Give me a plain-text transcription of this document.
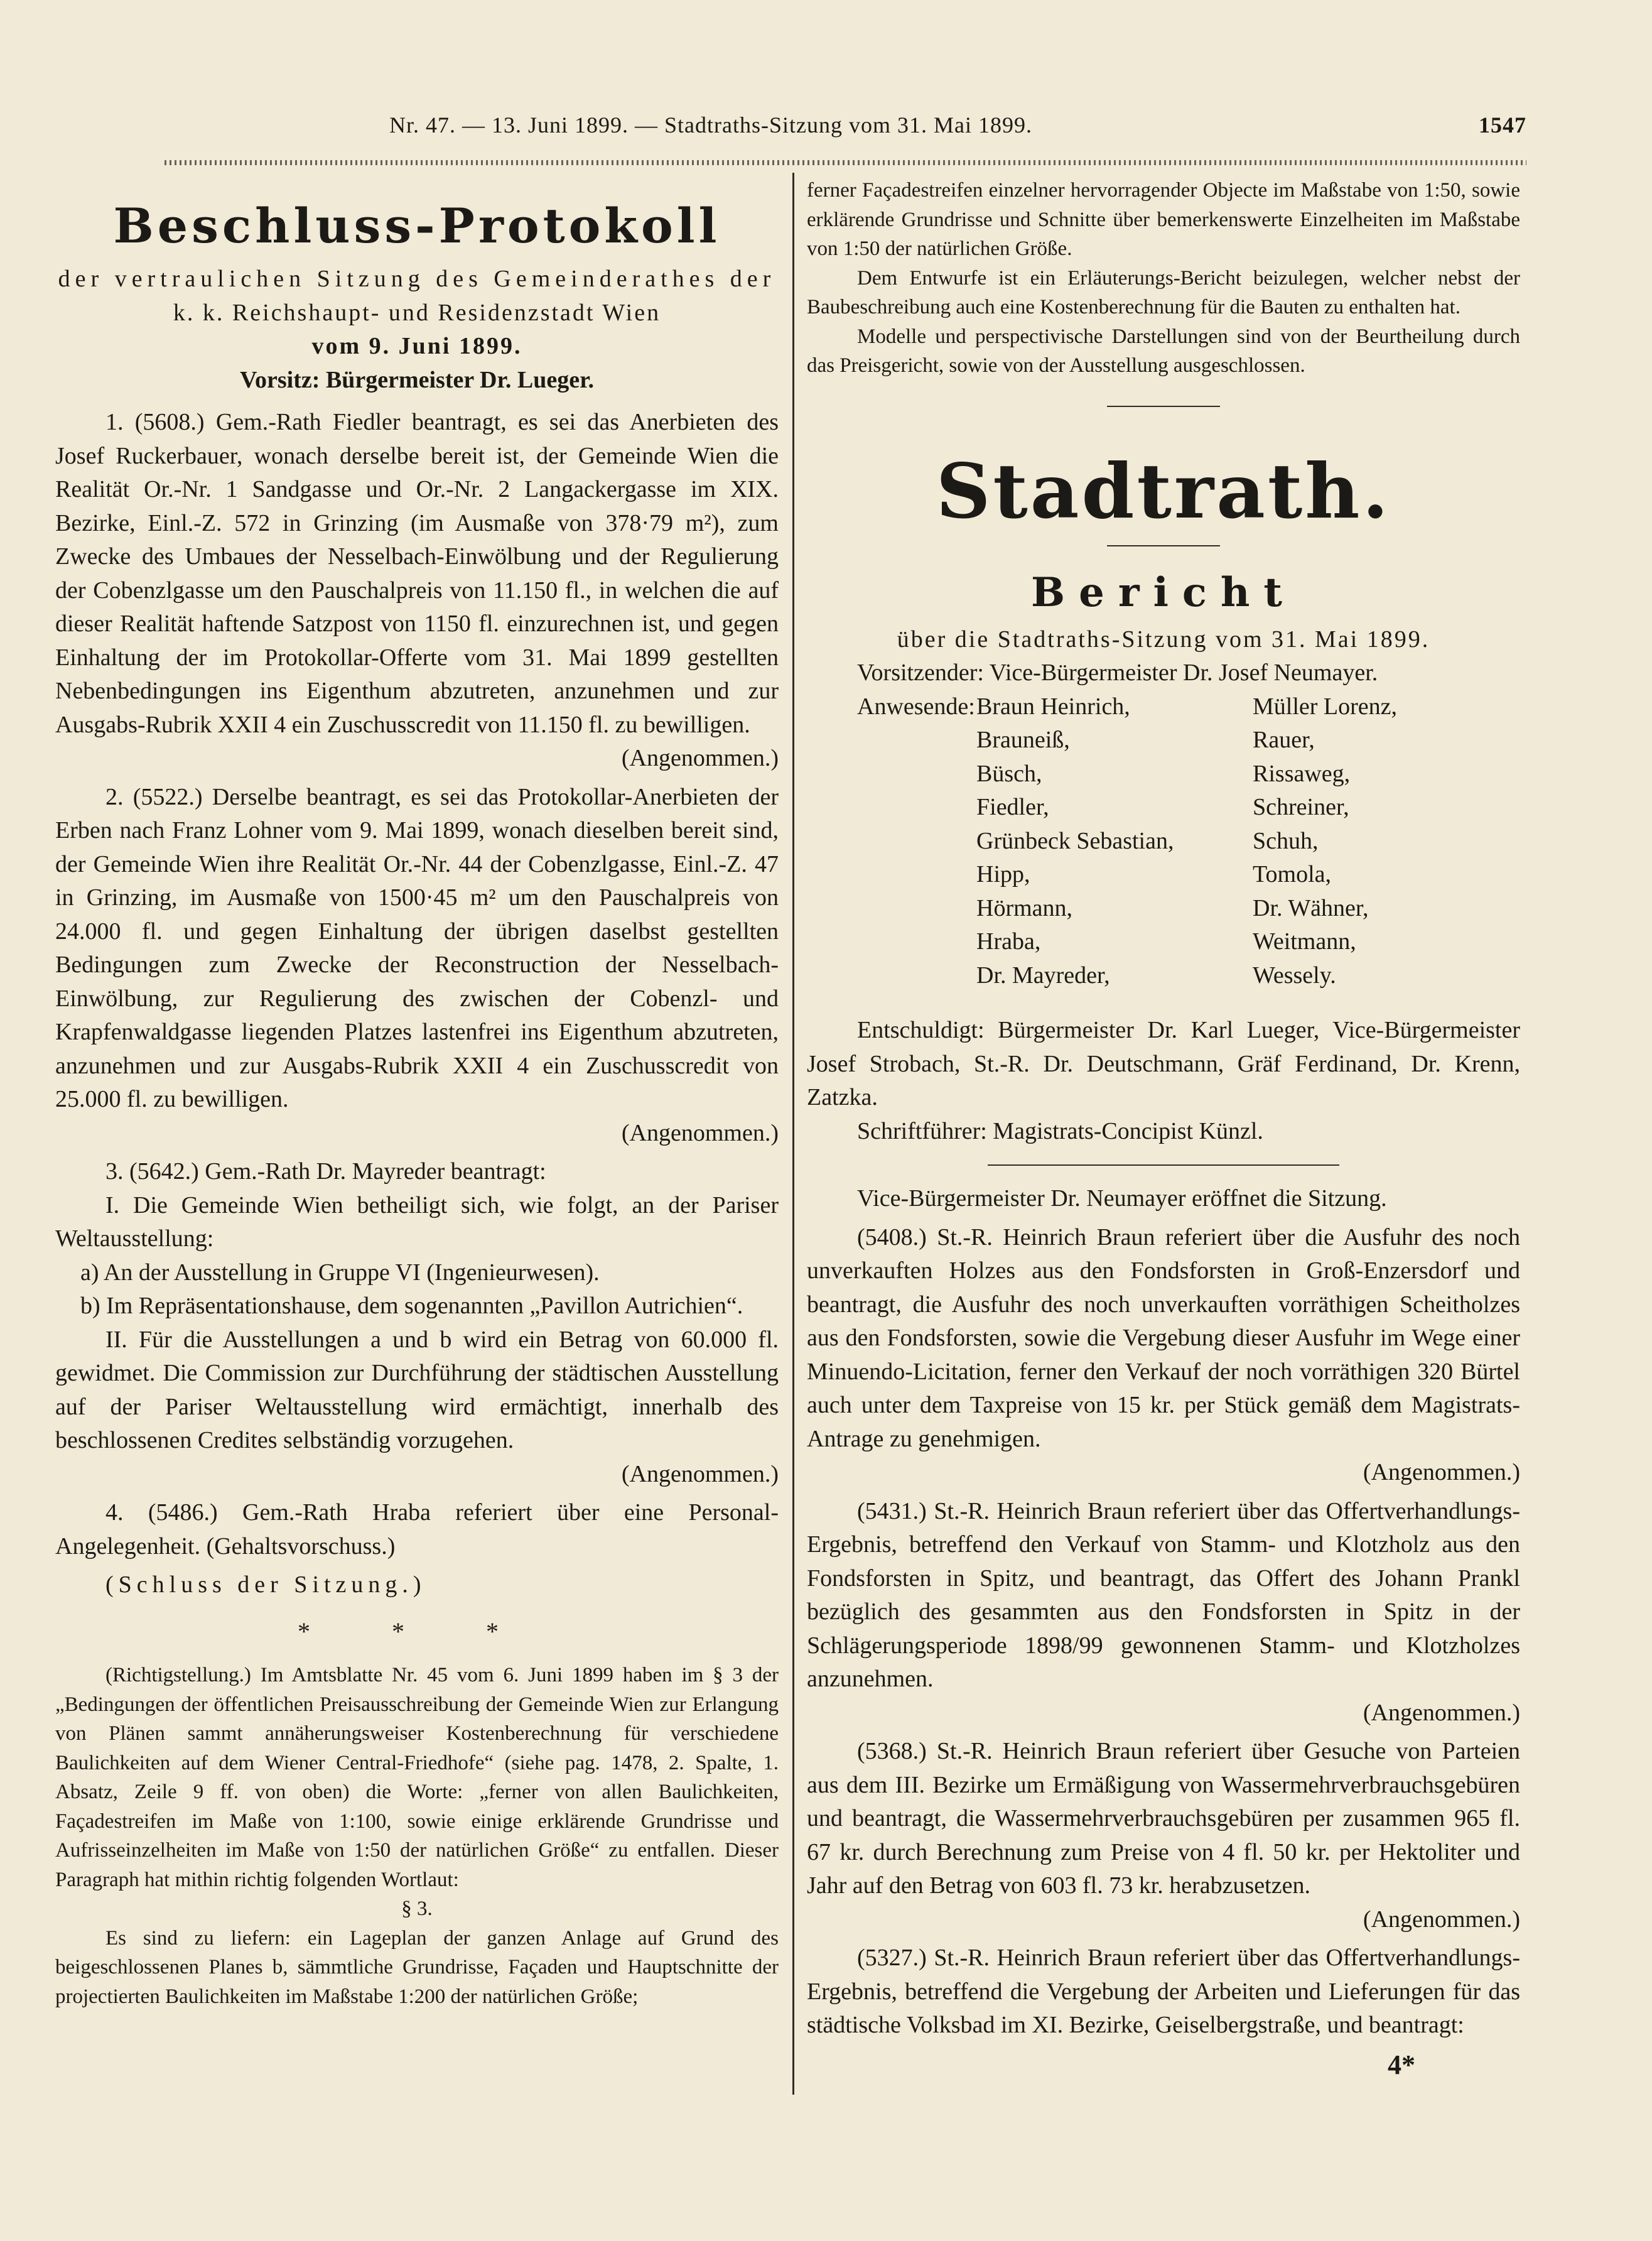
Nr. 47. — 13. Juni 1899. — Stadtraths-Sitzung vom 31. Mai 1899.	1547

Beschluss-Protokoll

der vertraulichen Sitzung des Gemeinderathes der

k. k. Reichshaupt- und Residenzstadt Wien

vom 9. Juni 1899.

Vorsitz: Bürgermeister Dr. Lueger.

1. (5608.) Gem.-Rath Fiedler beantragt, es sei das Anerbieten des Josef Ruckerbauer, wonach derselbe bereit ist, der Gemeinde Wien die Realität Or.-Nr. 1 Sandgasse und Or.-Nr. 2 Langackergasse im XIX. Bezirke, Einl.-Z. 572 in Grinzing (im Ausmaße von 378·79 m²), zum Zwecke des Umbaues der Nesselbach-Einwölbung und der Regulierung der Cobenzlgasse um den Pauschalpreis von 11.150 fl., in welchen die auf dieser Realität haftende Satzpost von 1150 fl. einzurechnen ist, und gegen Einhaltung der im Protokollar-Offerte vom 31. Mai 1899 gestellten Nebenbedingungen ins Eigenthum abzutreten, anzunehmen und zur Ausgabs-Rubrik XXII 4 ein Zuschusscredit von 11.150 fl. zu bewilligen.

(Angenommen.)

2. (5522.) Derselbe beantragt, es sei das Protokollar-Anerbieten der Erben nach Franz Lohner vom 9. Mai 1899, wonach dieselben bereit sind, der Gemeinde Wien ihre Realität Or.-Nr. 44 der Cobenzlgasse, Einl.-Z. 47 in Grinzing, im Ausmaße von 1500·45 m² um den Pauschalpreis von 24.000 fl. und gegen Einhaltung der übrigen daselbst gestellten Bedingungen zum Zwecke der Reconstruction der Nesselbach-Einwölbung, zur Regulierung des zwischen der Cobenzl- und Krapfenwaldgasse liegenden Platzes lastenfrei ins Eigenthum abzutreten, anzunehmen und zur Ausgabs-Rubrik XXII 4 ein Zuschusscredit von 25.000 fl. zu bewilligen.

(Angenommen.)

3. (5642.) Gem.-Rath Dr. Mayreder beantragt:

I. Die Gemeinde Wien betheiligt sich, wie folgt, an der Pariser Weltausstellung:

a) An der Ausstellung in Gruppe VI (Ingenieurwesen).

b) Im Repräsentationshause, dem sogenannten „Pavillon Autrichien“.

II. Für die Ausstellungen a und b wird ein Betrag von 60.000 fl. gewidmet. Die Commission zur Durchführung der städtischen Ausstellung auf der Pariser Weltausstellung wird ermächtigt, innerhalb des beschlossenen Credites selbständig vorzugehen.

(Angenommen.)

4. (5486.) Gem.-Rath Hraba referiert über eine Personal-Angelegenheit. (Gehaltsvorschuss.)

(Schluss der Sitzung.)

* * *

(Richtigstellung.) Im Amtsblatte Nr. 45 vom 6. Juni 1899 haben im § 3 der „Bedingungen der öffentlichen Preisausschreibung der Gemeinde Wien zur Erlangung von Plänen sammt annäherungsweiser Kostenberechnung für verschiedene Baulichkeiten auf dem Wiener Central-Friedhofe“ (siehe pag. 1478, 2. Spalte, 1. Absatz, Zeile 9 ff. von oben) die Worte: „ferner von allen Baulichkeiten, Façadestreifen im Maße von 1:100, sowie einige erklärende Grundrisse und Aufrisseinzelheiten im Maße von 1:50 der natürlichen Größe“ zu entfallen. Dieser Paragraph hat mithin richtig folgenden Wortlaut:

§ 3.

Es sind zu liefern: ein Lageplan der ganzen Anlage auf Grund des beigeschlossenen Planes b, sämmtliche Grundrisse, Façaden und Hauptschnitte der projectierten Baulichkeiten im Maßstabe 1:200 der natürlichen Größe;

ferner Façadestreifen einzelner hervorragender Objecte im Maßstabe von 1:50, sowie erklärende Grundrisse und Schnitte über bemerkenswerte Einzelheiten im Maßstabe von 1:50 der natürlichen Größe.

Dem Entwurfe ist ein Erläuterungs-Bericht beizulegen, welcher nebst der Baubeschreibung auch eine Kostenberechnung für die Bauten zu enthalten hat.

Modelle und perspectivische Darstellungen sind von der Beurtheilung durch das Preisgericht, sowie von der Ausstellung ausgeschlossen.

Stadtrath.

Bericht

über die Stadtraths-Sitzung vom 31. Mai 1899.

Vorsitzender: Vice-Bürgermeister Dr. Josef Neumayer.

Anwesende: Braun Heinrich,
Brauneiß,
Büsch,
Fiedler,
Grünbeck Sebastian,
Hipp,
Hörmann,
Hraba,
Dr. Mayreder,
Müller Lorenz,
Rauer,
Rissaweg,
Schreiner,
Schuh,
Tomola,
Dr. Wähner,
Weitmann,
Wessely.

Entschuldigt: Bürgermeister Dr. Karl Lueger, Vice-Bürgermeister Josef Strobach, St.-R. Dr. Deutschmann, Gräf Ferdinand, Dr. Krenn, Zatzka.

Schriftführer: Magistrats-Concipist Künzl.

Vice-Bürgermeister Dr. Neumayer eröffnet die Sitzung.

(5408.) St.-R. Heinrich Braun referiert über die Ausfuhr des noch unverkauften Holzes aus den Fondsforsten in Groß-Enzersdorf und beantragt, die Ausfuhr des noch unverkauften vorräthigen Scheitholzes aus den Fondsforsten, sowie die Vergebung dieser Ausfuhr im Wege einer Minuendo-Licitation, ferner den Verkauf der noch vorräthigen 320 Bürtel auch unter dem Taxpreise von 15 kr. per Stück gemäß dem Magistrats-Antrage zu genehmigen.

(Angenommen.)

(5431.) St.-R. Heinrich Braun referiert über das Offertverhandlungs-Ergebnis, betreffend den Verkauf von Stamm- und Klotzholz aus den Fondsforsten in Spitz, und beantragt, das Offert des Johann Prankl bezüglich des gesammten aus den Fondsforsten in Spitz in der Schlägerungsperiode 1898/99 gewonnenen Stamm- und Klotzholzes anzunehmen.

(Angenommen.)

(5368.) St.-R. Heinrich Braun referiert über Gesuche von Parteien aus dem III. Bezirke um Ermäßigung von Wassermehrverbrauchsgebüren und beantragt, die Wassermehrverbrauchsgebüren per zusammen 965 fl. 67 kr. durch Berechnung zum Preise von 4 fl. 50 kr. per Hektoliter und Jahr auf den Betrag von 603 fl. 73 kr. herabzusetzen.

(Angenommen.)

(5327.) St.-R. Heinrich Braun referiert über das Offertverhandlungs-Ergebnis, betreffend die Vergebung der Arbeiten und Lieferungen für das städtische Volksbad im XI. Bezirke, Geiselbergstraße, und beantragt:

4*
